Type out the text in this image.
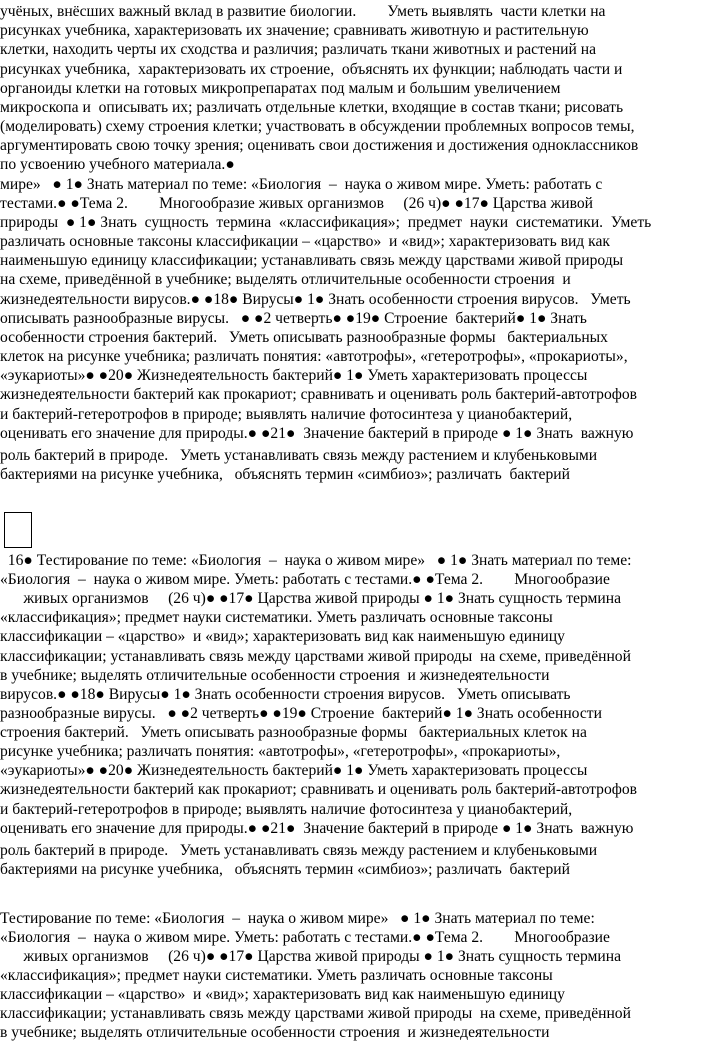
учёных, внёсших важный вклад в развитие биологии.        Уметь выявлять  части клетки на
рисунках учебника, характеризовать их значение; сравнивать животную и растительную
клетки, находить черты их сходства и различия; различать ткани животных и растений на
рисунках учебника,  характеризовать их строение,  объяснять их функции; наблюдать части и
органоиды клетки на готовых микропрепаратах под малым и большим увеличением
микроскопа и  описывать их; различать отдельные клетки, входящие в состав ткани; рисовать
(моделировать) схему строения клетки; участвовать в обсуждении проблемных вопросов темы,
аргументировать свою точку зрения; оценивать свои достижения и достижения одноклассников
по усвоению учебного материала.●
мире»   ● 1● Знать материал по теме: «Биология  –  наука о живом мире. Уметь: работать с
тестами.● ●Тема 2.        Многообразие живых организмов     (26 ч)● ●17● Царства живой
природы  ● 1● Знать  сущность  термина  «классификация»;  предмет  науки  систематики.  Уметь
различать основные таксоны классификации – «царство»  и «вид»; характеризовать вид как
наименьшую единицу классификации; устанавливать связь между царствами живой природы
на схеме, приведённой в учебнике; выделять отличительные особенности строения  и
жизнедеятельности вирусов.● ●18● Вирусы● 1● Знать особенности строения вирусов.   Уметь
описывать разнообразные вирусы.   ● ●2 четверть● ●19● Строение  бактерий● 1● Знать
особенности строения бактерий.   Уметь описывать разнообразные формы   бактериальных
клеток на рисунке учебника; различать понятия: «автотрофы», «гетеротрофы», «прокариоты»,
«эукариоты»● ●20● Жизнедеятельность бактерий● 1● Уметь характеризовать процессы
жизнедеятельности бактерий как прокариот; сравнивать и оценивать роль бактерий-автотрофов
и бактерий-гетеротрофов в природе; выявлять наличие фотосинтеза у цианобактерий,
оценивать его значение для природы.● ●21●  Значение бактерий в природе ● 1● Знать  важную
роль бактерий в природе.   Уметь устанавливать связь между растением и клубеньковыми
бактериями на рисунке учебника,   объяснять термин «симбиоз»; различать  бактерий
16● Тестирование по теме: «Биология  –  наука о живом мире»   ● 1● Знать материал по теме:
«Биология  –  наука о живом мире. Уметь: работать с тестами.● ●Тема 2.        Многообразие
живых организмов     (26 ч)● ●17● Царства живой природы ● 1● Знать сущность термина
«классификация»; предмет науки систематики. Уметь различать основные таксоны
классификации – «царство»  и «вид»; характеризовать вид как наименьшую единицу
классификации; устанавливать связь между царствами живой природы  на схеме, приведённой
в учебнике; выделять отличительные особенности строения  и жизнедеятельности
вирусов.● ●18● Вирусы● 1● Знать особенности строения вирусов.   Уметь описывать
разнообразные вирусы.   ● ●2 четверть● ●19● Строение  бактерий● 1● Знать особенности
строения бактерий.   Уметь описывать разнообразные формы   бактериальных клеток на
рисунке учебника; различать понятия: «автотрофы», «гетеротрофы», «прокариоты»,
«эукариоты»● ●20● Жизнедеятельность бактерий● 1● Уметь характеризовать процессы
жизнедеятельности бактерий как прокариот; сравнивать и оценивать роль бактерий-автотрофов
и бактерий-гетеротрофов в природе; выявлять наличие фотосинтеза у цианобактерий,
оценивать его значение для природы.● ●21●  Значение бактерий в природе ● 1● Знать  важную
роль бактерий в природе.   Уметь устанавливать связь между растением и клубеньковыми
бактериями на рисунке учебника,   объяснять термин «симбиоз»; различать  бактерий
Тестирование по теме: «Биология  –  наука о живом мире»   ● 1● Знать материал по теме:
«Биология  –  наука о живом мире. Уметь: работать с тестами.● ●Тема 2.        Многообразие
живых организмов     (26 ч)● ●17● Царства живой природы ● 1● Знать сущность термина
«классификация»; предмет науки систематики. Уметь различать основные таксоны
классификации – «царство»  и «вид»; характеризовать вид как наименьшую единицу
классификации; устанавливать связь между царствами живой природы  на схеме, приведённой
в учебнике; выделять отличительные особенности строения  и жизнедеятельности
